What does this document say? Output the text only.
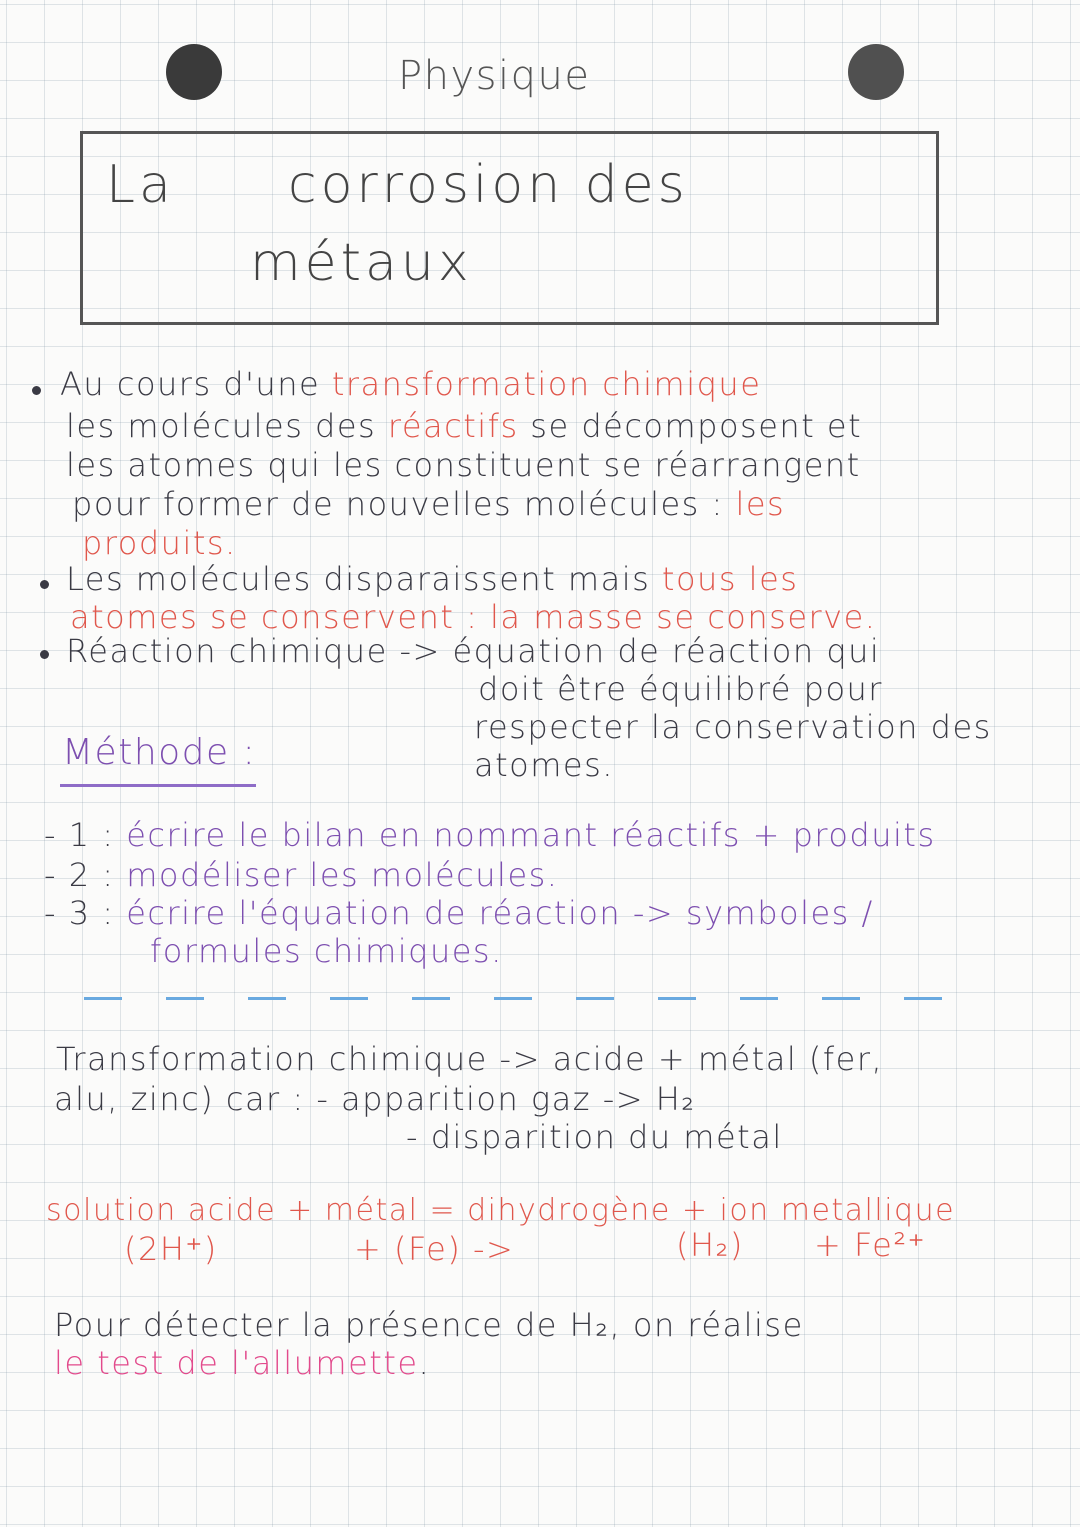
Physique
La corrosion des
métaux
Au cours d'une transformation chimique
les molécules des réactifs se décomposent et
les atomes qui les constituent se réarrangent
pour former de nouvelles molécules : les
produits.
Les molécules disparaissent mais tous les
atomes se conservent : la masse se conserve.
Réaction chimique -> équation de réaction qui
doit être équilibré pour
respecter la conservation des
atomes.
Méthode :
- 1 : écrire le bilan en nommant réactifs + produits
- 2 : modéliser les molécules.
- 3 : écrire l'équation de réaction -> symboles /
formules chimiques.
Transformation chimique -> acide + métal (fer,
alu, zinc) car : - apparition gaz -> H₂
- disparition du métal
solution acide + métal = dihydrogène + ion metallique
(2H⁺)	+ (Fe) ->	(H₂) + Fe²⁺
Pour détecter la présence de H₂, on réalise
le test de l'allumette.
